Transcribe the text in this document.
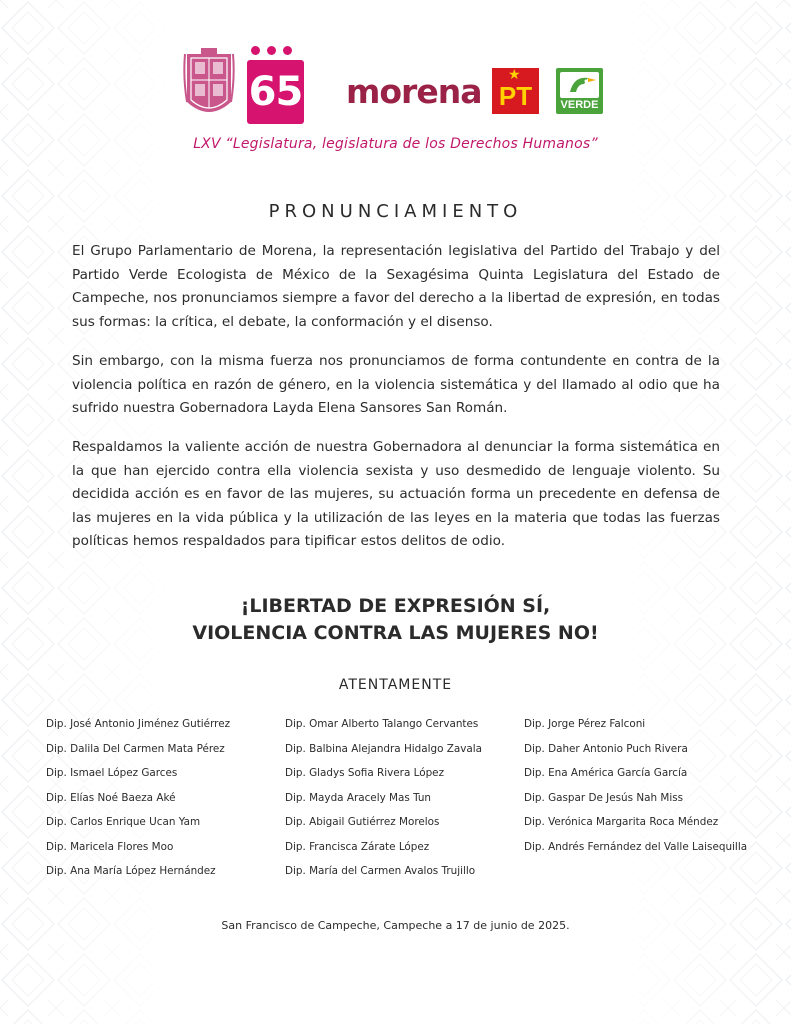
65 morena ★
PT	VERDE
LXV “Legislatura, legislatura de los Derechos Humanos”
PRONUNCIAMIENTO

El Grupo Parlamentario de Morena, la representación legislativa del Partido del Trabajo y del Partido Verde Ecologista de México de la Sexagésima Quinta Legislatura del Estado de Campeche, nos pronunciamos siempre a favor del derecho a la libertad de expresión, en todas sus formas: la crítica, el debate, la conformación y el disenso.

Sin embargo, con la misma fuerza nos pronunciamos de forma contundente en contra de la violencia política en razón de género, en la violencia sistemática y del llamado al odio que ha sufrido nuestra Gobernadora Layda Elena Sansores San Román.

Respaldamos la valiente acción de nuestra Gobernadora al denunciar la forma sistemática en la que han ejercido contra ella violencia sexista y uso desmedido de lenguaje violento. Su decidida acción es en favor de las mujeres, su actuación forma un precedente en defensa de las mujeres en la vida pública y la utilización de las leyes en la materia que todas las fuerzas políticas hemos respaldados para tipificar estos delitos de odio.

¡LIBERTAD DE EXPRESIÓN SÍ,
VIOLENCIA CONTRA LAS MUJERES NO!
ATENTAMENTE
Dip. José Antonio Jiménez Gutiérrez
Dip. Dalila Del Carmen Mata Pérez
Dip. Ismael López Garces
Dip. Elías Noé Baeza Aké
Dip. Carlos Enrique Ucan Yam
Dip. Maricela Flores Moo
Dip. Ana María López Hernández
Dip. Omar Alberto Talango Cervantes
Dip. Balbina Alejandra Hidalgo Zavala
Dip. Gladys Sofia Rivera López
Dip. Mayda Aracely Mas Tun
Dip. Abigail Gutiérrez Morelos
Dip. Francisca Zárate López
Dip. María del Carmen Avalos Trujillo
Dip. Jorge Pérez Falconi
Dip. Daher Antonio Puch Rivera
Dip. Ena América García García
Dip. Gaspar De Jesús Nah Miss
Dip. Verónica Margarita Roca Méndez
Dip. Andrés Fernández del Valle Laisequilla
San Francisco de Campeche, Campeche a 17 de junio de 2025.
